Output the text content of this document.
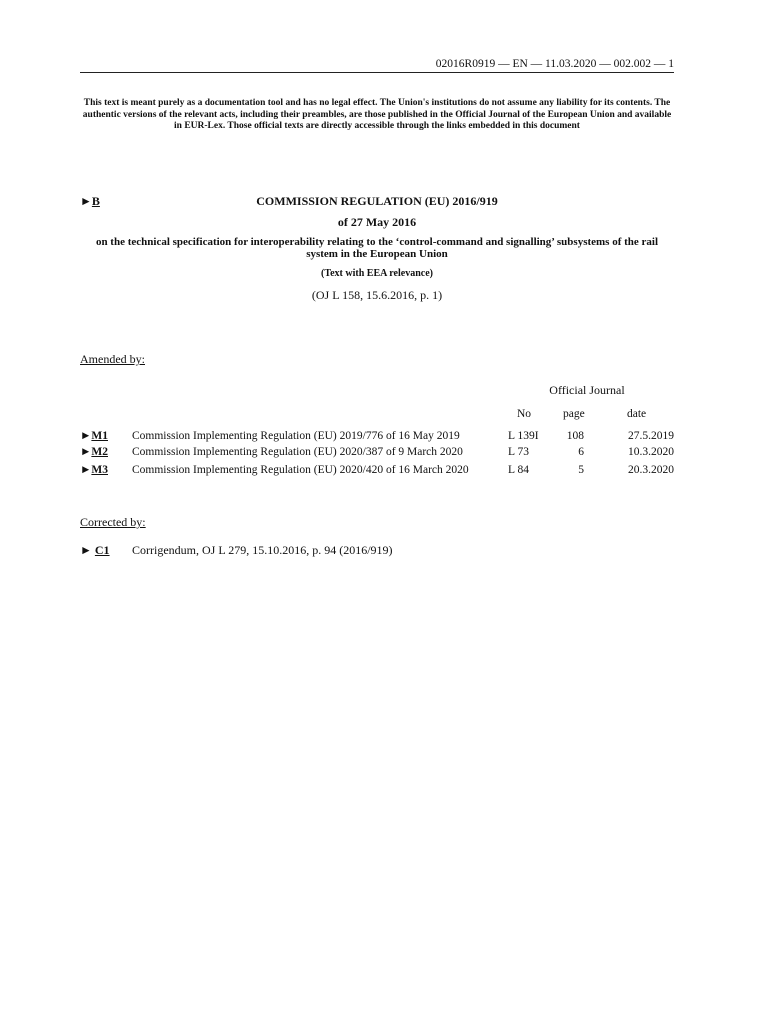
02016R0919 — EN — 11.03.2020 — 002.002 — 1
This text is meant purely as a documentation tool and has no legal effect. The Union's institutions do not assume any liability for its contents. The authentic versions of the relevant acts, including their preambles, are those published in the Official Journal of the European Union and available in EUR-Lex. Those official texts are directly accessible through the links embedded in this document
►B	COMMISSION REGULATION (EU) 2016/919
of 27 May 2016
on the technical specification for interoperability relating to the ‘control-command and signalling’ subsystems of the rail system in the European Union
(Text with EEA relevance)
(OJ L 158, 15.6.2016, p. 1)
Amended by:
Official Journal
No	page	date
►M1 Commission Implementing Regulation (EU) 2019/776 of 16 May 2019	L 139I	108	27.5.2019
►M2 Commission Implementing Regulation (EU) 2020/387 of 9 March 2020	L 73	6	10.3.2020
►M3 Commission Implementing Regulation (EU) 2020/420 of 16 March 2020	L 84	5	20.3.2020
Corrected by:
► C1 Corrigendum, OJ L 279, 15.10.2016, p. 94 (2016/919)
